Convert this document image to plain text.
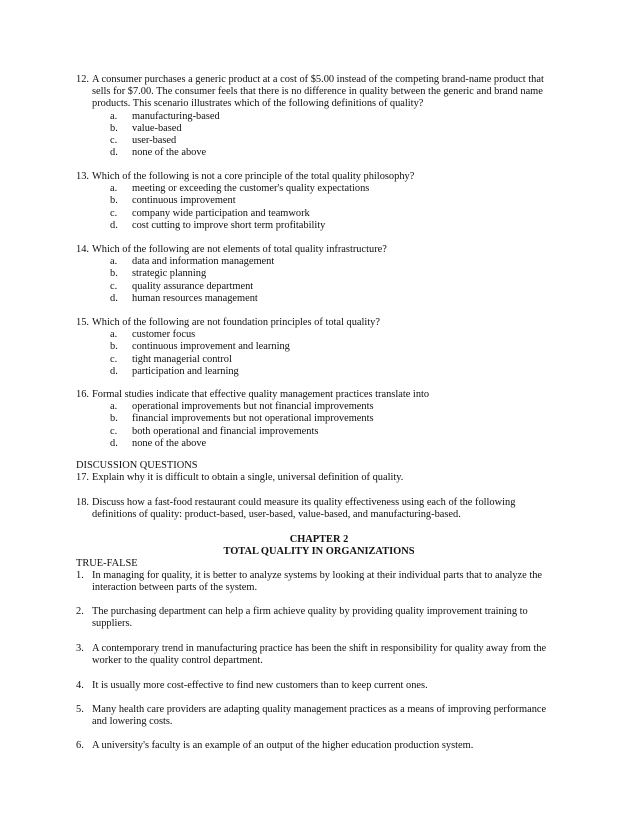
12. A consumer purchases a generic product at a cost of $5.00 instead of the competing brand-name product that sells for $7.00. The consumer feels that there is no difference in quality between the generic and brand name products. This scenario illustrates which of the following definitions of quality?
a.	manufacturing-based
b.	value-based
c.	user-based
d.	none of the above
13. Which of the following is not a core principle of the total quality philosophy?
a.	meeting or exceeding the customer's quality expectations
b.	continuous improvement
c.	company wide participation and teamwork
d.	cost cutting to improve short term profitability
14. Which of the following are not elements of total quality infrastructure?
a.	data and information management
b.	strategic planning
c.	quality assurance department
d.	human resources management
15. Which of the following are not foundation principles of total quality?
a.	customer focus
b.	continuous improvement and learning
c.	tight managerial control
d.	participation and learning
16. Formal studies indicate that effective quality management practices translate into
a.	operational improvements but not financial improvements
b.	financial improvements but not operational improvements
c.	both operational and financial improvements
d.	none of the above
DISCUSSION QUESTIONS
17. Explain why it is difficult to obtain a single, universal definition of quality.
18. Discuss how a fast-food restaurant could measure its quality effectiveness using each of the following definitions of quality: product-based, user-based, value-based, and manufacturing-based.
CHAPTER 2
TOTAL QUALITY IN ORGANIZATIONS
TRUE-FALSE
1. In managing for quality, it is better to analyze systems by looking at their individual parts that to analyze the interaction between parts of the system.
2. The purchasing department can help a firm achieve quality by providing quality improvement training to suppliers.
3. A contemporary trend in manufacturing practice has been the shift in responsibility for quality away from the worker to the quality control department.
4. It is usually more cost-effective to find new customers than to keep current ones.
5. Many health care providers are adapting quality management practices as a means of improving performance and lowering costs.
6. A university's faculty is an example of an output of the higher education production system.
